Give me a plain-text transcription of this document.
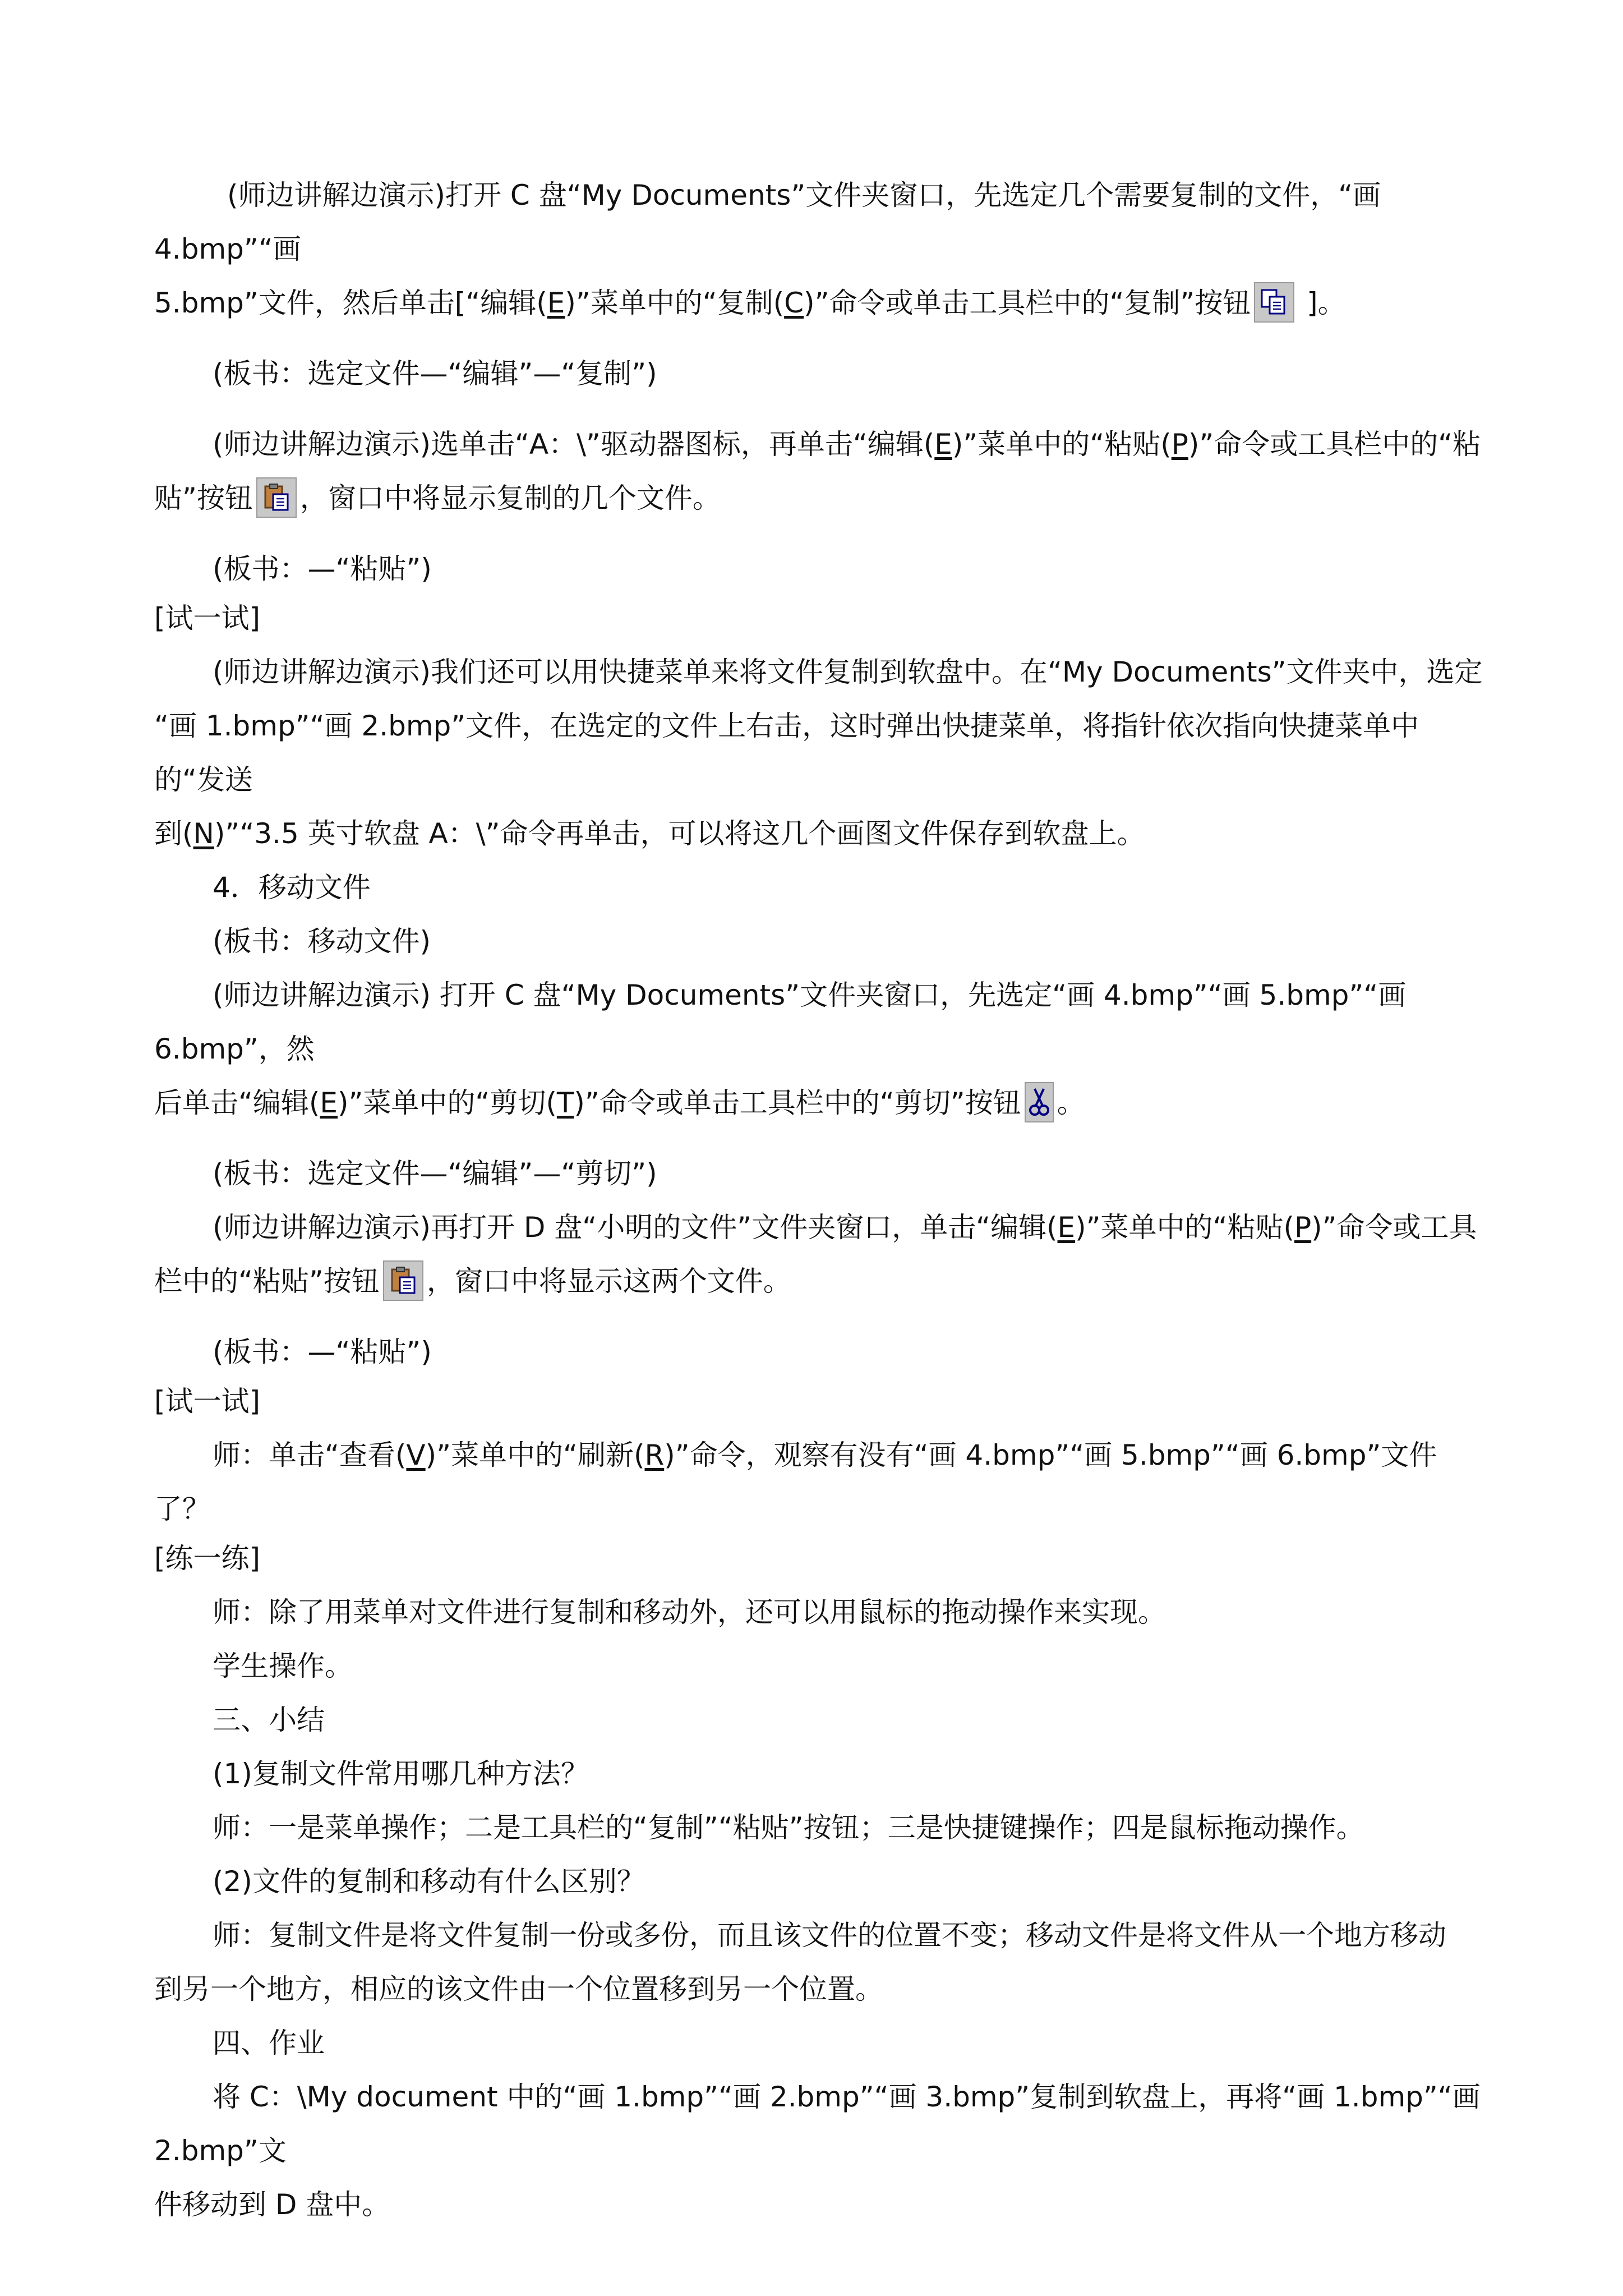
(师边讲解边演示)打开 C 盘“My Documents”文件夹窗口，先选定几个需要复制的文件，“画 4.bmp”“画
5.bmp”文件，然后单击[“编辑(E)”菜单中的“复制(C)”命令或单击工具栏中的“复制”按钮
]。

(板书：选定文件—“编辑”—“复制”)

(师边讲解边演示)选单击“A：\”驱动器图标，再单击“编辑(E)”菜单中的“粘贴(P)”命令或工具栏中的“粘
贴”按钮 ，窗口中将显示复制的几个文件。

(板书：—“粘贴”)

[试一试]

(师边讲解边演示)我们还可以用快捷菜单来将文件复制到软盘中。在“My Documents”文件夹中，选定
“画 1.bmp”“画 2.bmp”文件，在选定的文件上右击，这时弹出快捷菜单，将指针依次指向快捷菜单中的“发送
到(N)”“3.5 英寸软盘 A：\”命令再单击，可以将这几个画图文件保存到软盘上。

4．移动文件

(板书：移动文件)

(师边讲解边演示) 打开 C 盘“My Documents”文件夹窗口，先选定“画 4.bmp”“画 5.bmp”“画 6.bmp”，然
后单击“编辑(E)”菜单中的“剪切(T)”命令或单击工具栏中的“剪切”按钮 。

(板书：选定文件—“编辑”—“剪切”)

(师边讲解边演示)再打开 D 盘“小明的文件”文件夹窗口，单击“编辑(E)”菜单中的“粘贴(P)”命令或工具
栏中的“粘贴”按钮 ，窗口中将显示这两个文件。

(板书：—“粘贴”)

[试一试]

师：单击“查看(V)”菜单中的“刷新(R)”命令，观察有没有“画 4.bmp”“画 5.bmp”“画 6.bmp”文件了？

[练一练]

师：除了用菜单对文件进行复制和移动外，还可以用鼠标的拖动操作来实现。

学生操作。

三、小结

(1)复制文件常用哪几种方法？

师：一是菜单操作；二是工具栏的“复制”“粘贴”按钮；三是快捷键操作；四是鼠标拖动操作。

(2)文件的复制和移动有什么区别？

师：复制文件是将文件复制一份或多份，而且该文件的位置不变；移动文件是将文件从一个地方移动
到另一个地方，相应的该文件由一个位置移到另一个位置。

四、作业

将 C：\My document 中的“画 1.bmp”“画 2.bmp”“画 3.bmp”复制到软盘上，再将“画 1.bmp”“画 2.bmp”文
件移动到 D 盘中。
